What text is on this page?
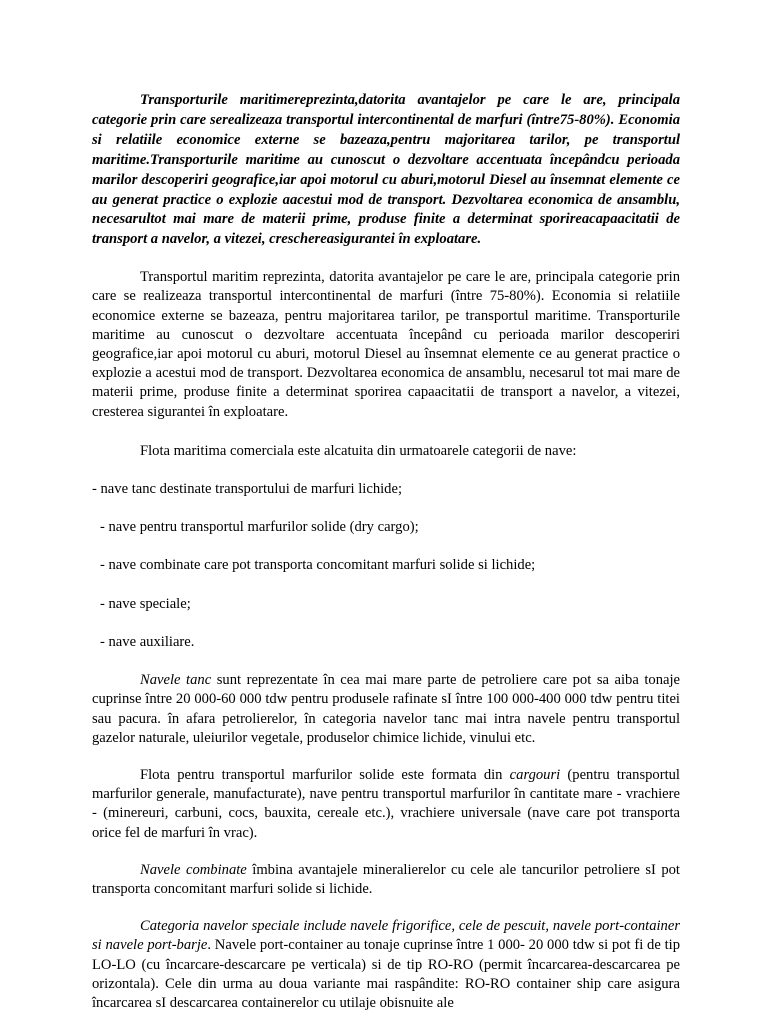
Transporturile maritimereprezinta,datorita avantajelor pe care le are, principala categorie prin care serealizeaza transportul intercontinental de marfuri (între75-80%). Economia si relatiile economice externe se bazeaza,pentru majoritarea tarilor, pe transportul maritime.Transporturile maritime au cunoscut o dezvoltare accentuata începândcu perioada marilor descoperiri geografice,iar apoi motorul cu aburi,motorul Diesel au însemnat elemente ce au generat practice o explozie aacestui mod de transport. Dezvoltarea economica de ansamblu, necesarultot mai mare de materii prime, produse finite a determinat sporireacapaacitatii de transport a navelor, a vitezei, creschereasigurantei în exploatare.

Transportul maritim reprezinta, datorita avantajelor pe care le are, principala categorie prin care se realizeaza transportul intercontinental de marfuri (între 75-80%). Economia si relatiile economice externe se bazeaza, pentru majoritarea tarilor, pe transportul maritime. Transporturile maritime au cunoscut o dezvoltare accentuata începând cu perioada marilor descoperiri geografice,iar apoi motorul cu aburi, motorul Diesel au însemnat elemente ce au generat practice o explozie a acestui mod de transport. Dezvoltarea economica de ansamblu, necesarul tot mai mare de materii prime, produse finite a determinat sporirea capaacitatii de transport a navelor, a vitezei, cresterea sigurantei în exploatare.

Flota maritima comerciala este alcatuita din urmatoarele categorii de nave:

- nave tanc destinate transportului de marfuri lichide;

- nave pentru transportul marfurilor solide (dry cargo);

- nave combinate care pot transporta concomitant marfuri solide si lichide;

- nave speciale;

- nave auxiliare.

Navele tanc sunt reprezentate în cea mai mare parte de petroliere care pot sa aiba tonaje cuprinse între 20 000-60 000 tdw pentru produsele rafinate sI între 100 000-400 000 tdw pentru titei sau pacura. în afara petrolierelor, în categoria navelor tanc mai intra navele pentru transportul gazelor naturale, uleiurilor vegetale, produselor chimice lichide, vinului etc.

Flota pentru transportul marfurilor solide este formata din cargouri (pentru transportul marfurilor generale, manufacturate), nave pentru transportul marfurilor în cantitate mare - vrachiere - (minereuri, carbuni, cocs, bauxita, cereale etc.), vrachiere universale (nave care pot transporta orice fel de marfuri în vrac).

Navele combinate îmbina avantajele mineralierelor cu cele ale tancurilor petroliere sI pot transporta concomitant marfuri solide si lichide.

Categoria navelor speciale include navele frigorifice, cele de pescuit, navele port-container si navele port-barje. Navele port-container au tonaje cuprinse între 1 000- 20 000 tdw si pot fi de tip LO-LO (cu încarcare-descarcare pe verticala) si de tip RO-RO (permit încarcarea-descarcarea pe orizontala). Cele din urma au doua variante mai raspândite: RO-RO container ship care asigura încarcarea sI descarcarea containerelor cu utilaje obisnuite ale
